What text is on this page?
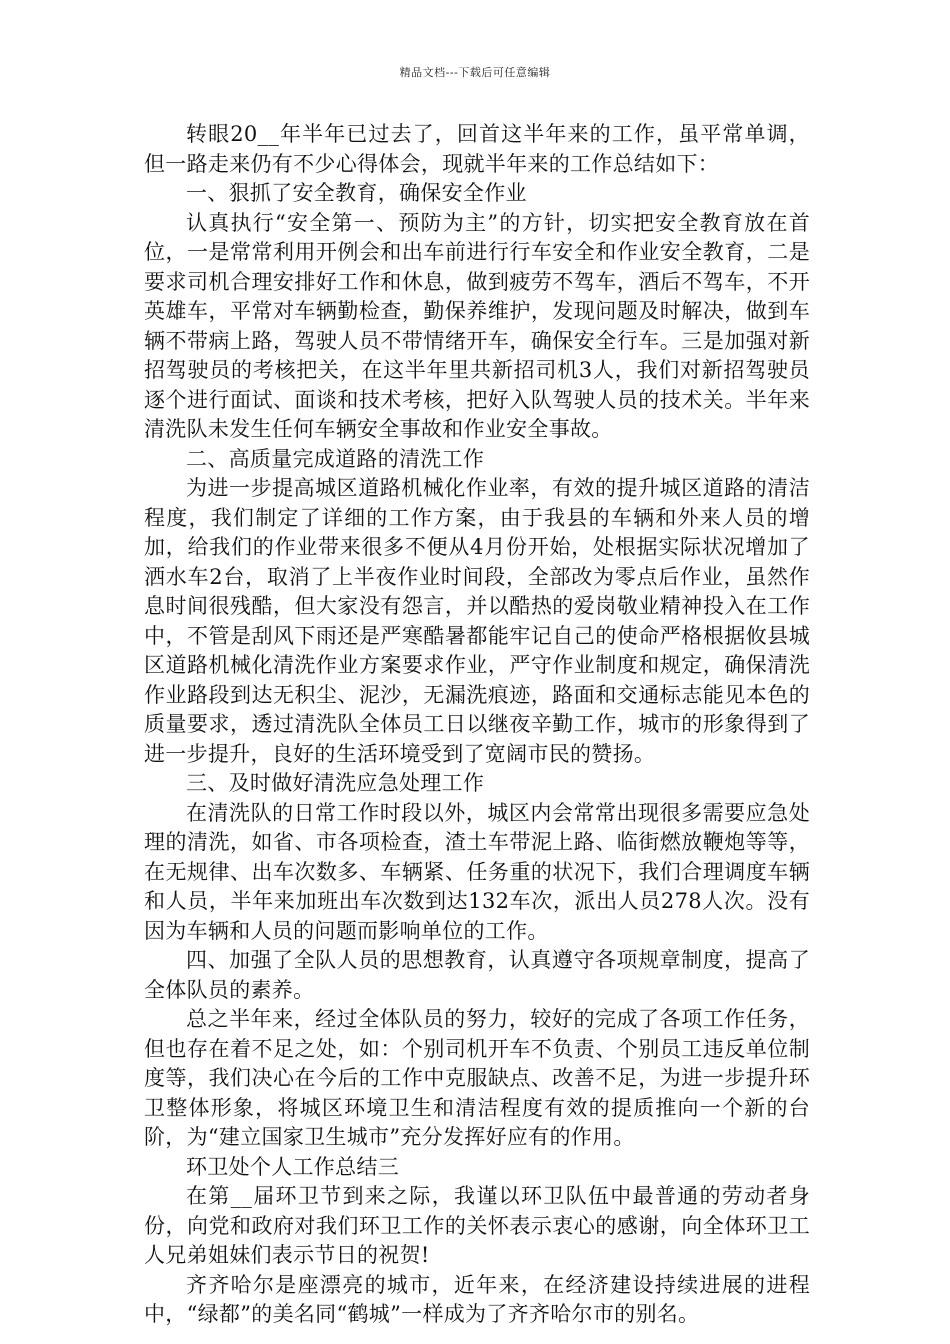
精品文档---下载后可任意编辑

转眼20__年半年已过去了，回首这半年来的工作，虽平常单调，但一路走来仍有不少心得体会，现就半年来的工作总结如下：

一、狠抓了安全教育，确保安全作业

认真执行“安全第一、预防为主”的方针，切实把安全教育放在首位，一是常常利用开例会和出车前进行行车安全和作业安全教育，二是要求司机合理安排好工作和休息，做到疲劳不驾车，酒后不驾车，不开英雄车，平常对车辆勤检查，勤保养维护，发现问题及时解决，做到车辆不带病上路，驾驶人员不带情绪开车，确保安全行车。三是加强对新招驾驶员的考核把关，在这半年里共新招司机3人，我们对新招驾驶员逐个进行面试、面谈和技术考核，把好入队驾驶人员的技术关。半年来清洗队未发生任何车辆安全事故和作业安全事故。

二、高质量完成道路的清洗工作

为进一步提高城区道路机械化作业率，有效的提升城区道路的清洁程度，我们制定了详细的工作方案，由于我县的车辆和外来人员的增加，给我们的作业带来很多不便从4月份开始，处根据实际状况增加了洒水车2台，取消了上半夜作业时间段，全部改为零点后作业，虽然作息时间很残酷，但大家没有怨言，并以酷热的爱岗敬业精神投入在工作中，不管是刮风下雨还是严寒酷暑都能牢记自己的使命严格根据攸县城区道路机械化清洗作业方案要求作业，严守作业制度和规定，确保清洗作业路段到达无积尘、泥沙，无漏洗痕迹，路面和交通标志能见本色的质量要求，透过清洗队全体员工日以继夜辛勤工作，城市的形象得到了进一步提升，良好的生活环境受到了宽阔市民的赞扬。

三、及时做好清洗应急处理工作

在清洗队的日常工作时段以外，城区内会常常出现很多需要应急处理的清洗，如省、市各项检查，渣土车带泥上路、临街燃放鞭炮等等，在无规律、出车次数多、车辆紧、任务重的状况下，我们合理调度车辆和人员，半年来加班出车次数到达132车次，派出人员278人次。没有因为车辆和人员的问题而影响单位的工作。

四、加强了全队人员的思想教育，认真遵守各项规章制度，提高了全体队员的素养。

总之半年来，经过全体队员的努力，较好的完成了各项工作任务，但也存在着不足之处，如：个别司机开车不负责、个别员工违反单位制度等，我们决心在今后的工作中克服缺点、改善不足，为进一步提升环卫整体形象，将城区环境卫生和清洁程度有效的提质推向一个新的台阶，为“建立国家卫生城市”充分发挥好应有的作用。

环卫处个人工作总结三

在第__届环卫节到来之际，我谨以环卫队伍中最普通的劳动者身份，向党和政府对我们环卫工作的关怀表示衷心的感谢，向全体环卫工人兄弟姐妹们表示节日的祝贺!

齐齐哈尔是座漂亮的城市，近年来，在经济建设持续进展的进程中，“绿都”的美名同“鹤城”一样成为了齐齐哈尔市的别名。
